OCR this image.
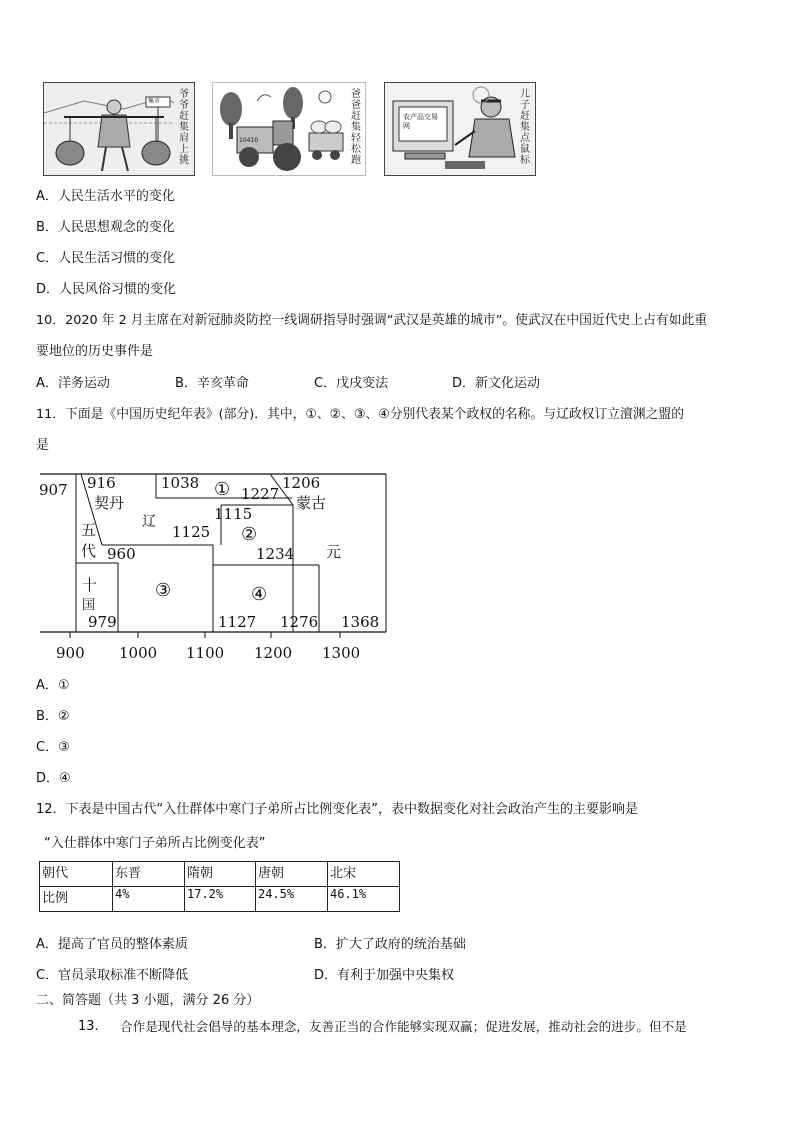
集市
爷爷赶集肩上挑
10410
爸爸赶集轻松跑
农产品交易网
儿子赶集点鼠标
A．人民生活水平的变化
B．人民思想观念的变化
C．人民生活习惯的变化
D．人民风俗习惯的变化
10．2020 年 2 月主席在对新冠肺炎防控一线调研指导时强调“武汉是英雄的城市”。使武汉在中国近代史上占有如此重
要地位的历史事件是
A．洋务运动	B．辛亥革命	C．戊戌变法	D．新文化运动
11．下面是《中国历史纪年表》(部分)．其中，①、②、③、④分别代表某个政权的名称。与辽政权订立澶渊之盟的
是
907 916	1038	1206
1227
1115
1125
960	1234
979	1127 1276 1368
契丹
辽
蒙古
元
五
代
十
国
①
②
③	④
900 1000 1100 1200 1300
A．①
B．②
C．③
D．④
12．下表是中国古代“入仕群体中寒门子弟所占比例变化表”，表中数据变化对社会政治产生的主要影响是
“入仕群体中寒门子弟所占比例变化表”
朝代	东晋	隋朝	唐朝	北宋
比例	4%	17.2%	24.5%	46.1%
A．提高了官员的整体素质	B．扩大了政府的统治基础
C．官员录取标准不断降低	D．有利于加强中央集权
二、简答题（共 3 小题，满分 26 分）
13. 合作是现代社会倡导的基本理念，友善正当的合作能够实现双赢；促进发展，推动社会的进步。但不是
